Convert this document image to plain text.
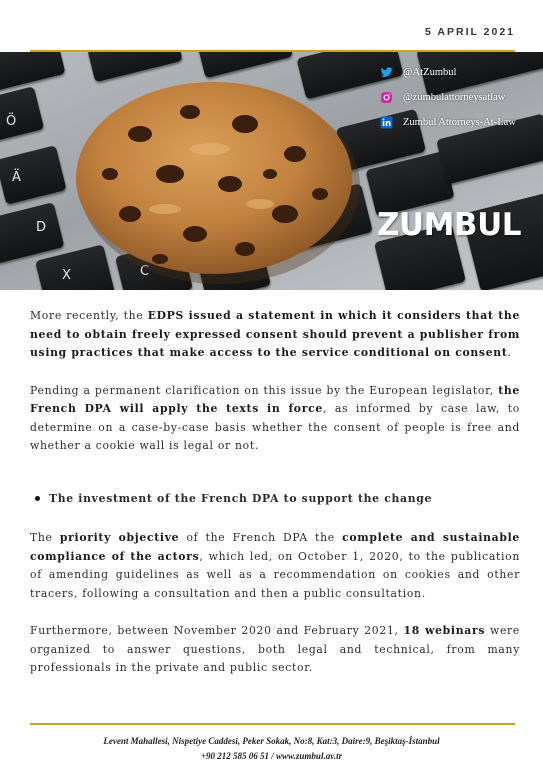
5 APRIL 2021
Ä
Ö
D
X	C
@AtZumbul
@zumbulattorneysatlaw
Zumbul Attorneys-At-Law
ZUMBUL

More recently, the EDPS issued a statement in which it considers that the need to obtain freely expressed consent should prevent a publisher from using practices that make access to the service conditional on consent.

Pending a permanent clarification on this issue by the European legislator, the French DPA will apply the texts in force, as informed by case law, to determine on a case-by-case basis whether the consent of people is free and whether a cookie wall is legal or not.

The investment of the French DPA to support the change

The priority objective of the French DPA the complete and sustainable compliance of the actors, which led, on October 1, 2020, to the publication of amending guidelines as well as a recommendation on cookies and other tracers, following a consultation and then a public consultation.

Furthermore, between November 2020 and February 2021, 18 webinars were organized to answer questions, both legal and technical, from many professionals in the private and public sector.

Levent Mahallesi, Nispetiye Caddesi, Peker Sokak, No:8, Kat:3, Daire:9, Beşiktaş-İstanbul
+90 212 585 06 51 / www.zumbul.av.tr
